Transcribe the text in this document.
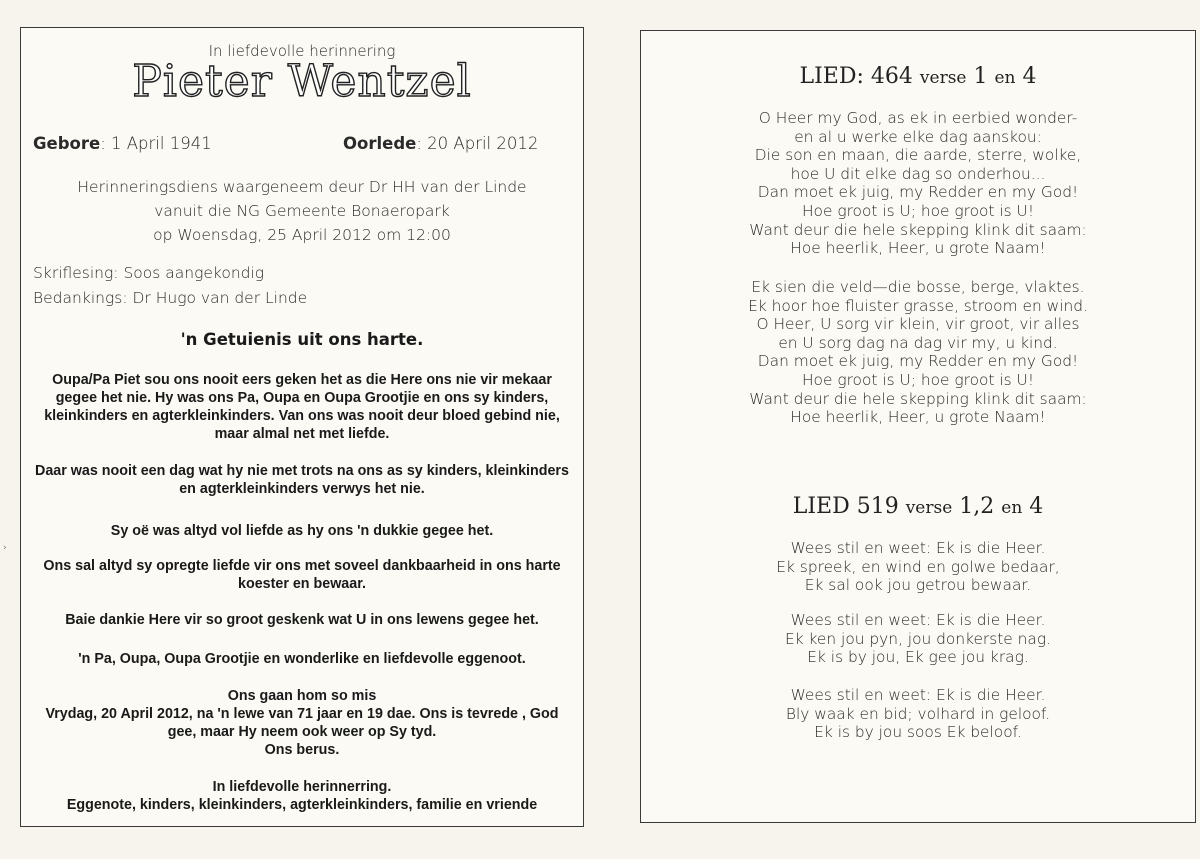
›
In liefdevolle herinnering
Pieter Wentzel
Gebore: 1 April 1941	Oorlede: 20 April 2012
Herinneringsdiens waargeneem deur Dr HH van der Linde
vanuit die NG Gemeente Bonaeropark
op Woensdag, 25 April 2012 om 12:00
Skriflesing: Soos aangekondig
Bedankings: Dr Hugo van der Linde
'n Getuienis uit ons harte.
Oupa/Pa Piet sou ons nooit eers geken het as die Here ons nie vir mekaar
gegee het nie. Hy was ons Pa, Oupa en Oupa Grootjie en ons sy kinders,
kleinkinders en agterkleinkinders. Van ons was nooit deur bloed gebind nie,
maar almal net met liefde.
Daar was nooit een dag wat hy nie met trots na ons as sy kinders, kleinkinders
en agterkleinkinders verwys het nie.
Sy oë was altyd vol liefde as hy ons 'n dukkie gegee het.
Ons sal altyd sy opregte liefde vir ons met soveel dankbaarheid in ons harte
koester en bewaar.
Baie dankie Here vir so groot geskenk wat U in ons lewens gegee het.
'n Pa, Oupa, Oupa Grootjie en wonderlike en liefdevolle eggenoot.
Ons gaan hom so mis
Vrydag, 20 April 2012, na 'n lewe van 71 jaar en 19 dae. Ons is tevrede , God
gee, maar Hy neem ook weer op Sy tyd.
Ons berus.
In liefdevolle herinnerring.
Eggenote, kinders, kleinkinders, agterkleinkinders, familie en vriende
LIED: 464 verse 1 en 4
O Heer my God, as ek in eerbied wonder-
en al u werke elke dag aanskou:
Die son en maan, die aarde, sterre, wolke,
hoe U dit elke dag so onderhou...
Dan moet ek juig, my Redder en my God!
Hoe groot is U; hoe groot is U!
Want deur die hele skepping klink dit saam:
Hoe heerlik, Heer, u grote Naam!
Ek sien die veld—die bosse, berge, vlaktes.
Ek hoor hoe fluister grasse, stroom en wind.
O Heer, U sorg vir klein, vir groot, vir alles
en U sorg dag na dag vir my, u kind.
Dan moet ek juig, my Redder en my God!
Hoe groot is U; hoe groot is U!
Want deur die hele skepping klink dit saam:
Hoe heerlik, Heer, u grote Naam!
LIED 519 verse 1,2 en 4
Wees stil en weet: Ek is die Heer.
Ek spreek, en wind en golwe bedaar,
Ek sal ook jou getrou bewaar.
Wees stil en weet: Ek is die Heer.
Ek ken jou pyn, jou donkerste nag.
Ek is by jou, Ek gee jou krag.
Wees stil en weet: Ek is die Heer.
Bly waak en bid; volhard in geloof.
Ek is by jou soos Ek beloof.
